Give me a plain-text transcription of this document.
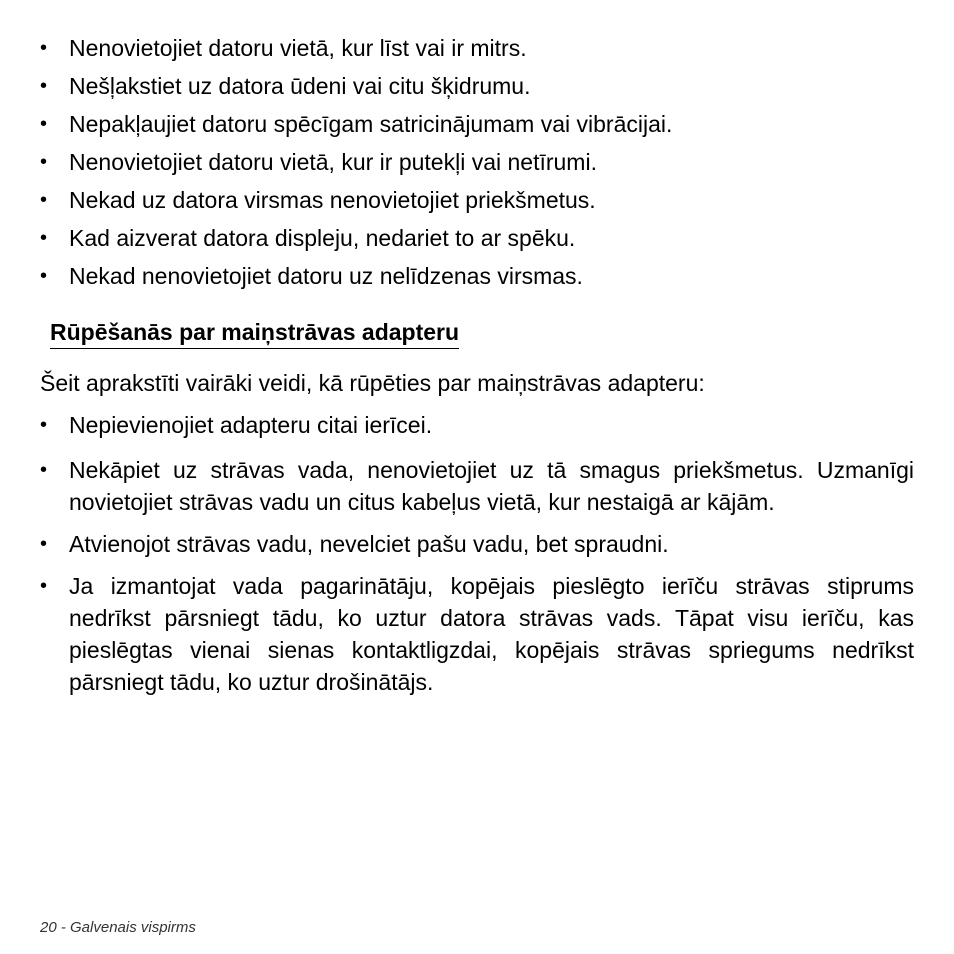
• Nenovietojiet datoru vietā, kur līst vai ir mitrs.
• Nešļakstiet uz datora ūdeni vai citu šķidrumu.
• Nepakļaujiet datoru spēcīgam satricinājumam vai vibrācijai.
• Nenovietojiet datoru vietā, kur ir putekļi vai netīrumi.
• Nekad uz datora virsmas nenovietojiet priekšmetus.
• Kad aizverat datora displeju, nedariet to ar spēku.
• Nekad nenovietojiet datoru uz nelīdzenas virsmas.
Rūpēšanās par maiņstrāvas adapteru

Šeit aprakstīti vairāki veidi, kā rūpēties par maiņstrāvas adapteru:

• Nepievienojiet adapteru citai ierīcei.
• Nekāpiet uz strāvas vada, nenovietojiet uz tā smagus priekšmetus. Uzmanīgi novietojiet strāvas vadu un citus kabeļus vietā, kur nestaigā ar kājām.
• Atvienojot strāvas vadu, nevelciet pašu vadu, bet spraudni.
• Ja izmantojat vada pagarinātāju, kopējais pieslēgto ierīču strāvas stiprums nedrīkst pārsniegt tādu, ko uztur datora strāvas vads. Tāpat visu ierīču, kas pieslēgtas vienai sienas kontaktligzdai, kopējais strāvas spriegums nedrīkst pārsniegt tādu, ko uztur drošinātājs.
20 - Galvenais vispirms
